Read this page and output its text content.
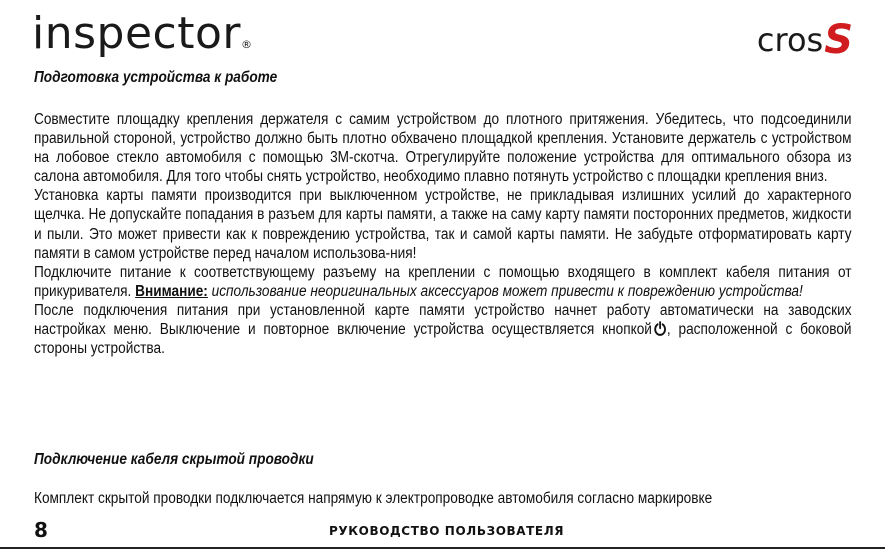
inspector®	cros S
Подготовка устройства к работе

Совместите площадку крепления держателя с самим устройством до плотного притяжения. Убедитесь, что подсоединили правильной стороной, устройство должно быть плотно обхвачено площадкой крепления. Установите держатель с устройством на лобовое стекло автомобиля с помощью 3М-скотча. Отрегулируйте положение устройства для оптимального обзора из салона автомобиля. Для того чтобы снять устройство, необходимо плавно потянуть устройство с площадки крепления вниз.

Установка карты памяти производится при выключенном устройстве, не прикладывая излишних усилий до характерного щелчка. Не допускайте попадания в разъем для карты памяти, а также на саму карту памяти посторонних предметов, жидкости и пыли. Это может привести как к повреждению устройства, так и самой карты памяти. Не забудьте отформатировать карту памяти в самом устройстве перед началом использова-ния!

Подключите питание к соответствующему разъему на креплении с помощью входящего в комплект кабеля питания от прикуривателя. Внимание: использование неоригинальных аксессуаров может привести к повреждению устройства!

После подключения питания при установленной карте памяти устройство начнет работу автоматически на заводских настройках меню. Выключение и повторное включение устройства осуществляется кнопкой , расположенной с боковой стороны устройства.

Подключение кабеля скрытой проводки

Комплект скрытой проводки подключается напрямую к электропроводке автомобиля согласно маркировке

8	РУКОВОДСТВО ПОЛЬЗОВАТЕЛЯ
